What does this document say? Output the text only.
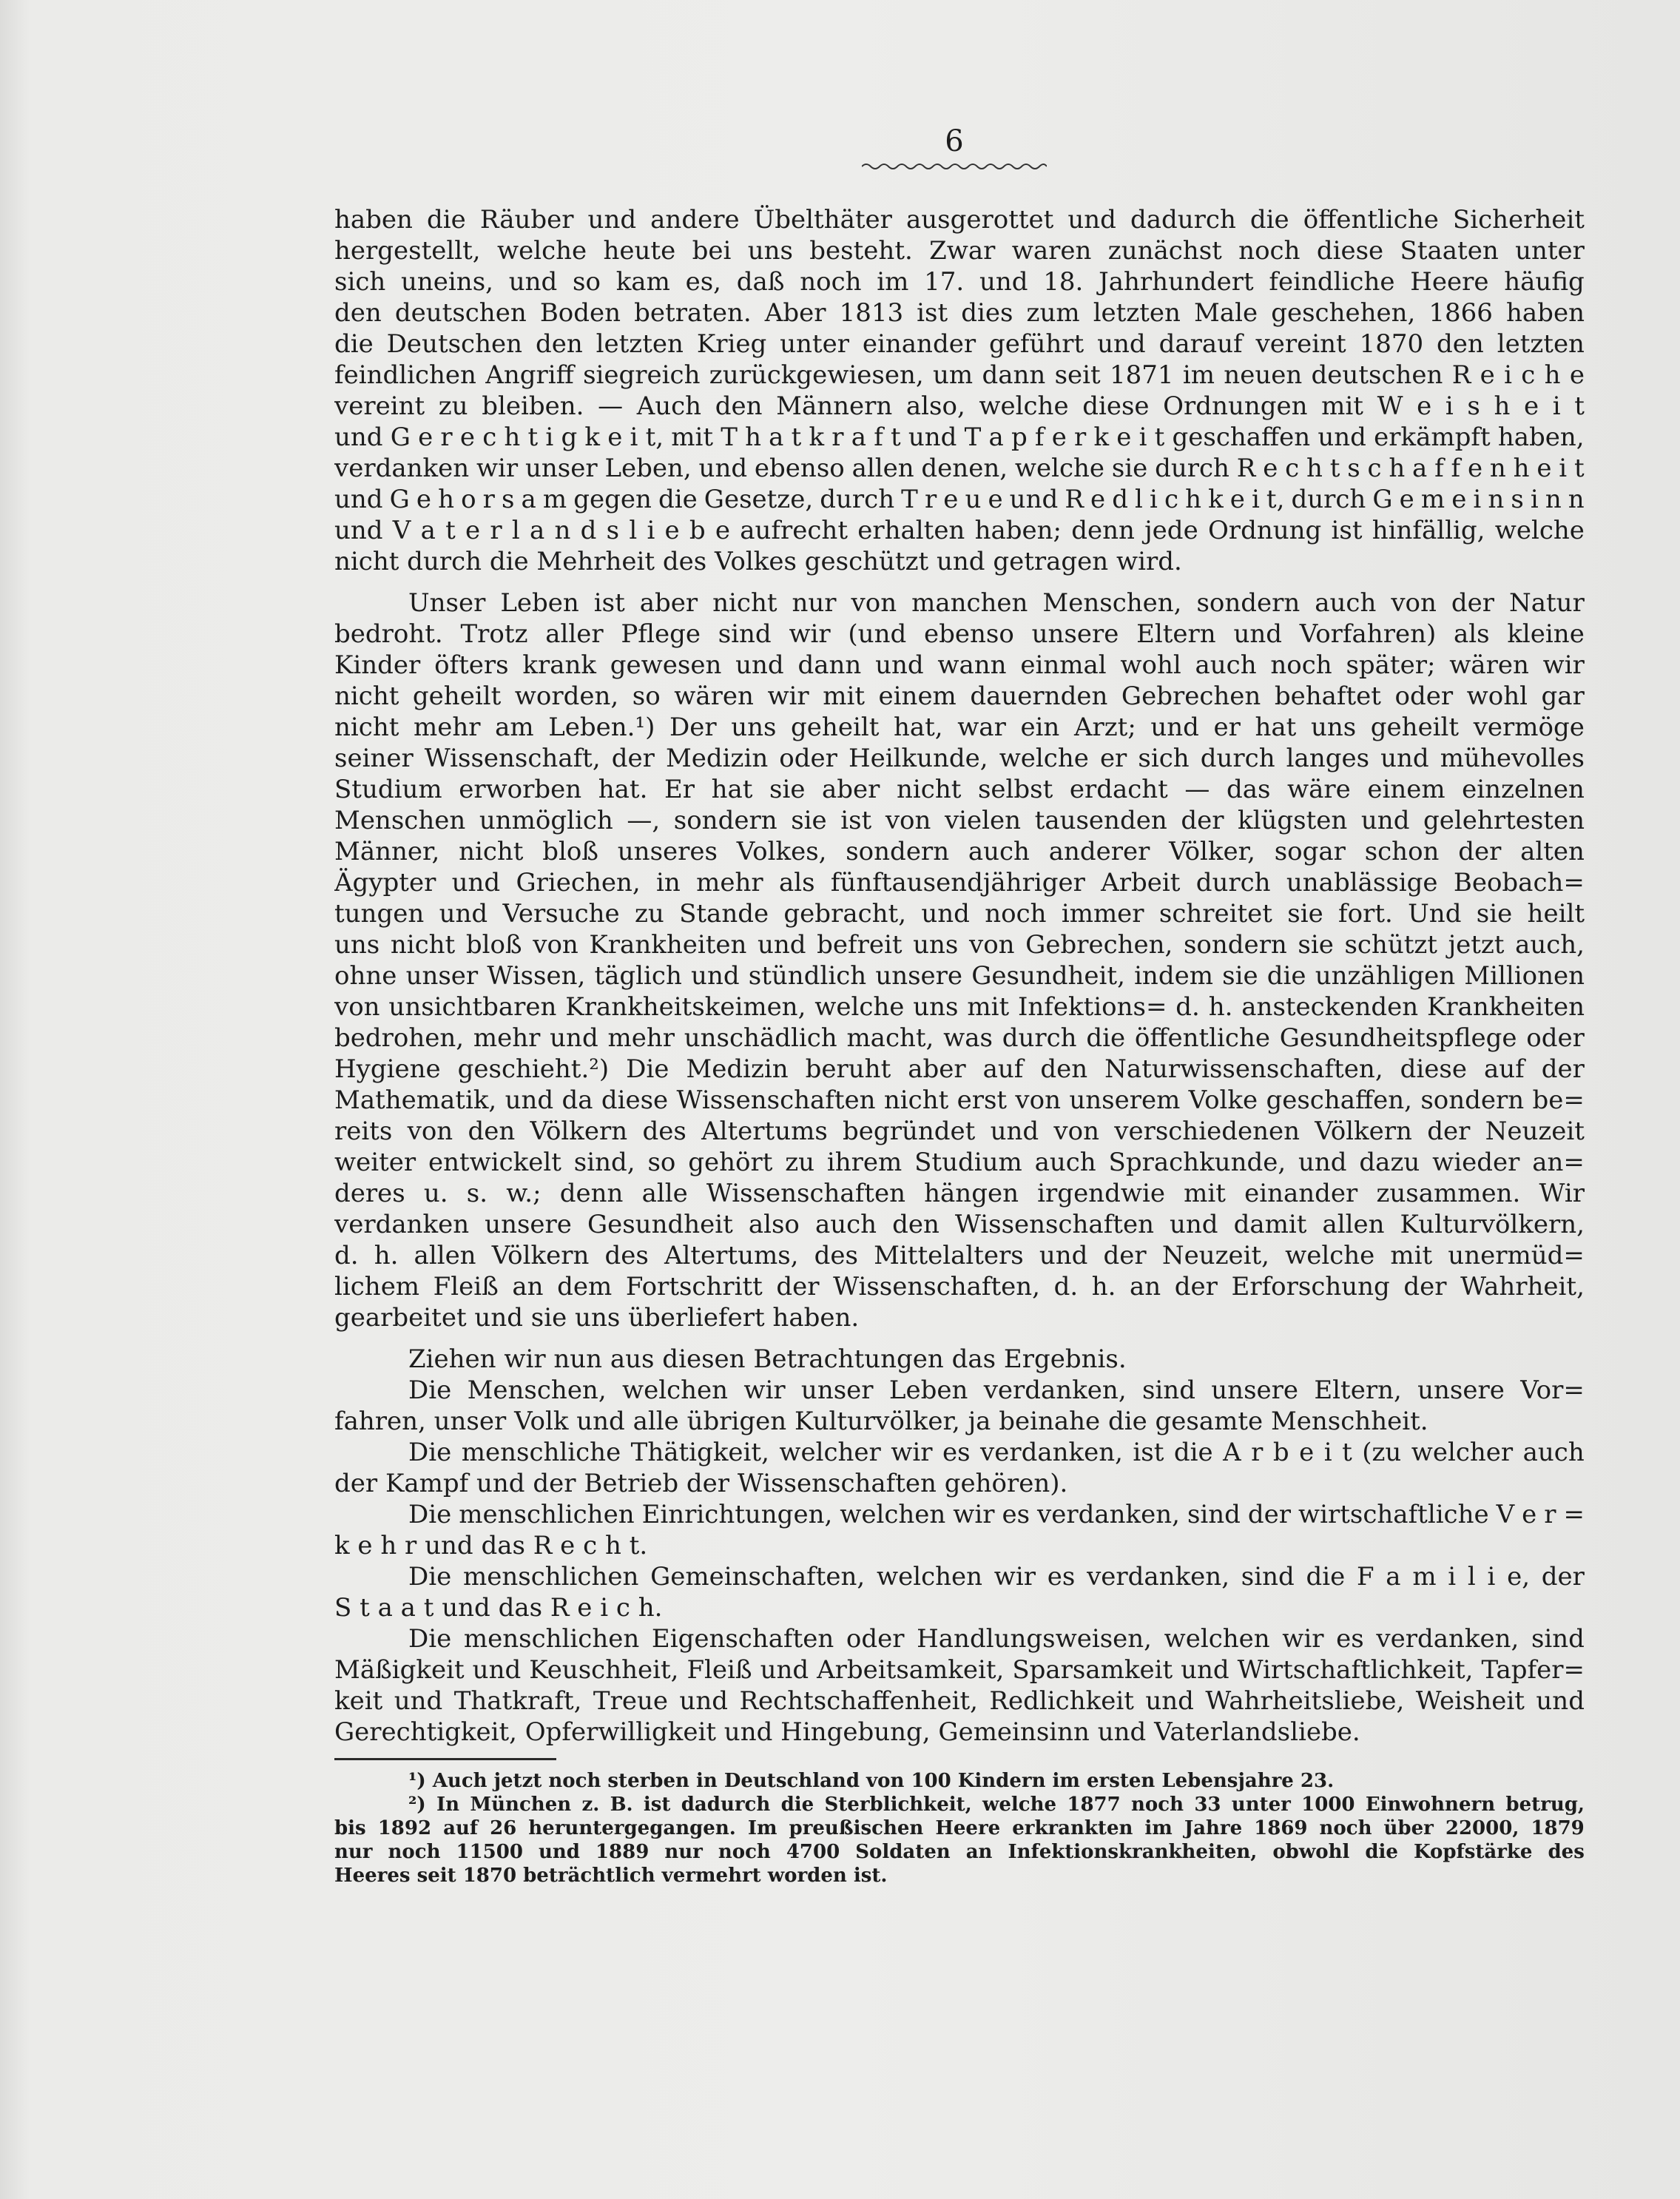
6
haben die Räuber und andere Übelthäter ausgerottet und dadurch die öffentliche Sicherheit
hergestellt, welche heute bei uns besteht. Zwar waren zunächst noch diese Staaten unter
sich uneins, und so kam es, daß noch im 17. und 18. Jahrhundert feindliche Heere häufig
den deutschen Boden betraten. Aber 1813 ist dies zum letzten Male geschehen, 1866 haben
die Deutschen den letzten Krieg unter einander geführt und darauf vereint 1870 den letzten
feindlichen Angriff siegreich zurückgewiesen, um dann seit 1871 im neuen deutschen R e i c h e
vereint zu bleiben. — Auch den Männern also, welche diese Ordnungen mit W e i s h e i t
und G e r e c h t i g k e i t, mit T h a t k r a f t und T a p f e r k e i t geschaffen und erkämpft haben,
verdanken wir unser Leben, und ebenso allen denen, welche sie durch R e c h t s c h a f f e n h e i t
und G e h o r s a m gegen die Gesetze, durch T r e u e und R e d l i c h k e i t, durch G e m e i n s i n n
und V a t e r l a n d s l i e b e aufrecht erhalten haben; denn jede Ordnung ist hinfällig, welche
nicht durch die Mehrheit des Volkes geschützt und getragen wird.
Unser Leben ist aber nicht nur von manchen Menschen, sondern auch von der Natur
bedroht. Trotz aller Pflege sind wir (und ebenso unsere Eltern und Vorfahren) als kleine
Kinder öfters krank gewesen und dann und wann einmal wohl auch noch später; wären wir
nicht geheilt worden, so wären wir mit einem dauernden Gebrechen behaftet oder wohl gar
nicht mehr am Leben.¹) Der uns geheilt hat, war ein Arzt; und er hat uns geheilt vermöge
seiner Wissenschaft, der Medizin oder Heilkunde, welche er sich durch langes und mühevolles
Studium erworben hat. Er hat sie aber nicht selbst erdacht — das wäre einem einzelnen
Menschen unmöglich —, sondern sie ist von vielen tausenden der klügsten und gelehrtesten
Männer, nicht bloß unseres Volkes, sondern auch anderer Völker, sogar schon der alten
Ägypter und Griechen, in mehr als fünftausendjähriger Arbeit durch unablässige Beobach=
tungen und Versuche zu Stande gebracht, und noch immer schreitet sie fort. Und sie heilt
uns nicht bloß von Krankheiten und befreit uns von Gebrechen, sondern sie schützt jetzt auch,
ohne unser Wissen, täglich und stündlich unsere Gesundheit, indem sie die unzähligen Millionen
von unsichtbaren Krankheitskeimen, welche uns mit Infektions= d. h. ansteckenden Krankheiten
bedrohen, mehr und mehr unschädlich macht, was durch die öffentliche Gesundheitspflege oder
Hygiene geschieht.²) Die Medizin beruht aber auf den Naturwissenschaften, diese auf der
Mathematik, und da diese Wissenschaften nicht erst von unserem Volke geschaffen, sondern be=
reits von den Völkern des Altertums begründet und von verschiedenen Völkern der Neuzeit
weiter entwickelt sind, so gehört zu ihrem Studium auch Sprachkunde, und dazu wieder an=
deres u. s. w.; denn alle Wissenschaften hängen irgendwie mit einander zusammen. Wir
verdanken unsere Gesundheit also auch den Wissenschaften und damit allen Kulturvölkern,
d. h. allen Völkern des Altertums, des Mittelalters und der Neuzeit, welche mit unermüd=
lichem Fleiß an dem Fortschritt der Wissenschaften, d. h. an der Erforschung der Wahrheit,
gearbeitet und sie uns überliefert haben.
Ziehen wir nun aus diesen Betrachtungen das Ergebnis.
Die Menschen, welchen wir unser Leben verdanken, sind unsere Eltern, unsere Vor=
fahren, unser Volk und alle übrigen Kulturvölker, ja beinahe die gesamte Menschheit.
Die menschliche Thätigkeit, welcher wir es verdanken, ist die A r b e i t (zu welcher auch
der Kampf und der Betrieb der Wissenschaften gehören).
Die menschlichen Einrichtungen, welchen wir es verdanken, sind der wirtschaftliche V e r =
k e h r und das R e c h t.
Die menschlichen Gemeinschaften, welchen wir es verdanken, sind die F a m i l i e, der
S t a a t und das R e i c h.
Die menschlichen Eigenschaften oder Handlungsweisen, welchen wir es verdanken, sind
Mäßigkeit und Keuschheit, Fleiß und Arbeitsamkeit, Sparsamkeit und Wirtschaftlichkeit, Tapfer=
keit und Thatkraft, Treue und Rechtschaffenheit, Redlichkeit und Wahrheitsliebe, Weisheit und
Gerechtigkeit, Opferwilligkeit und Hingebung, Gemeinsinn und Vaterlandsliebe.
¹) Auch jetzt noch sterben in Deutschland von 100 Kindern im ersten Lebensjahre 23.
²) In München z. B. ist dadurch die Sterblichkeit, welche 1877 noch 33 unter 1000 Einwohnern betrug,
bis 1892 auf 26 heruntergegangen. Im preußischen Heere erkrankten im Jahre 1869 noch über 22000, 1879
nur noch 11500 und 1889 nur noch 4700 Soldaten an Infektionskrankheiten, obwohl die Kopfstärke des
Heeres seit 1870 beträchtlich vermehrt worden ist.
